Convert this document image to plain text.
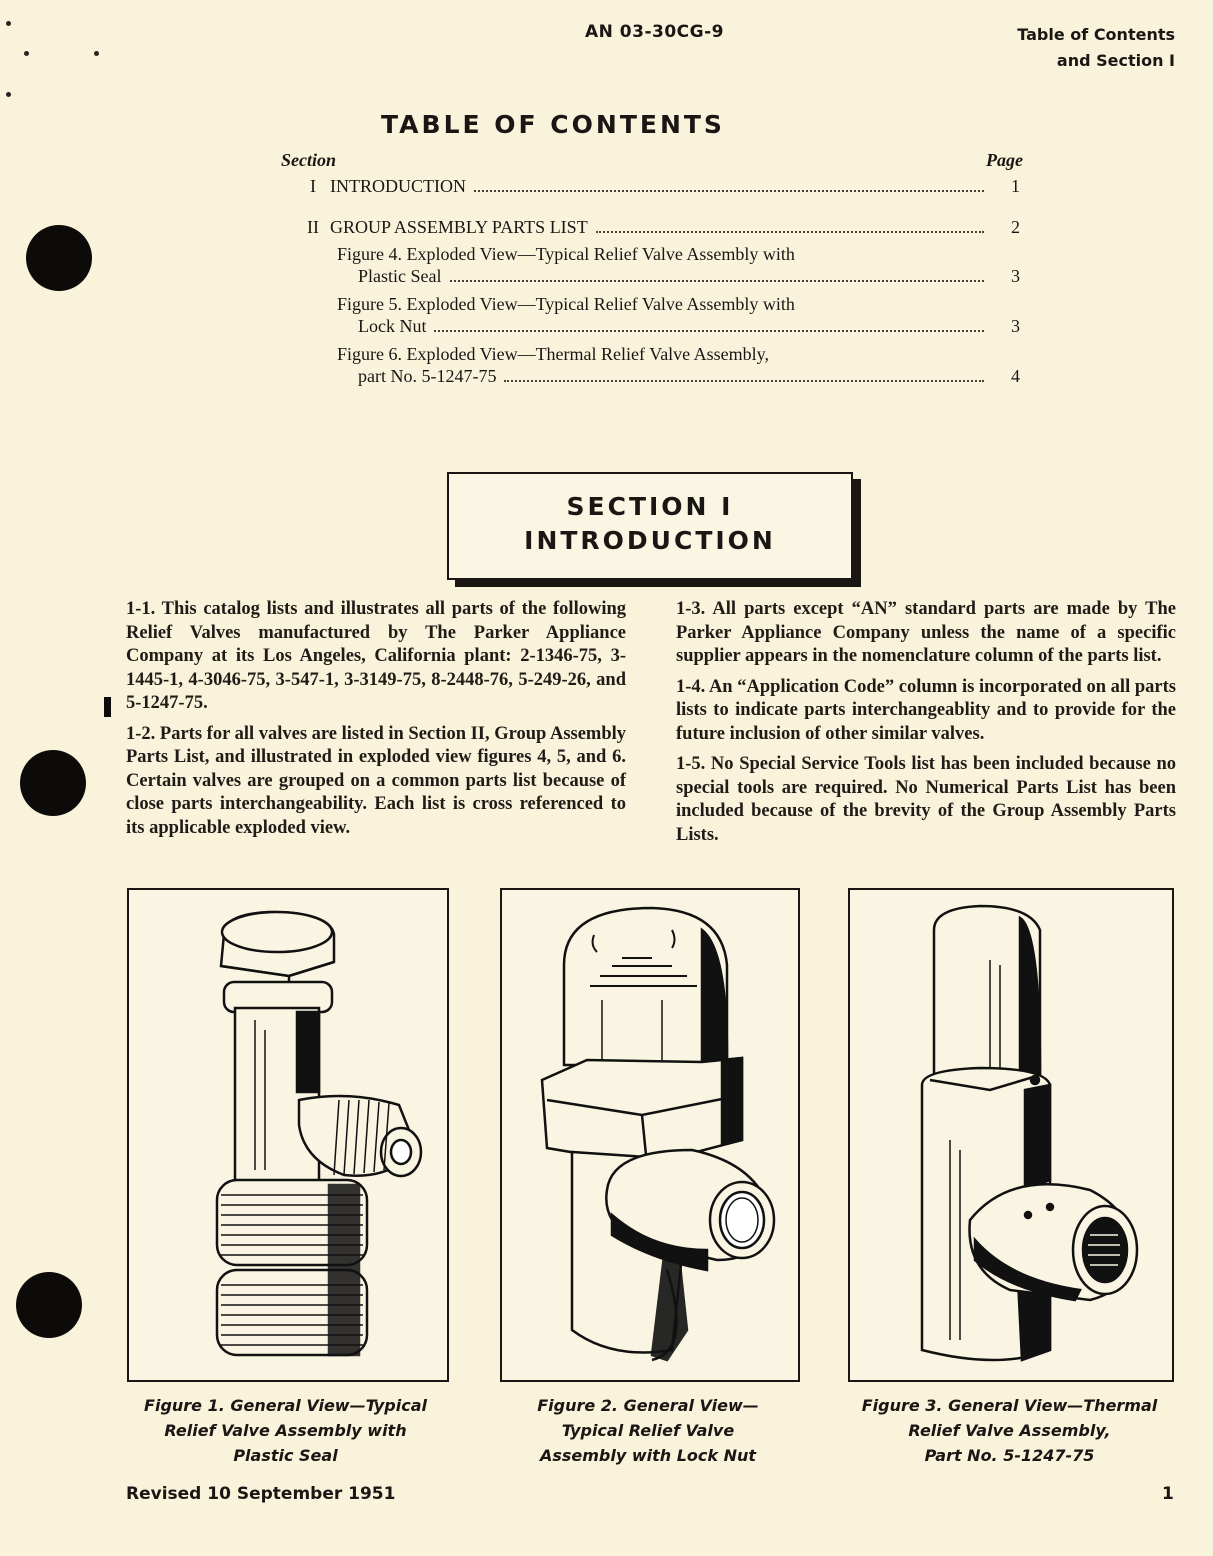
AN 03-30CG-9	Table of Contents
and Section I
TABLE OF CONTENTS
Section	Page
I INTRODUCTION	1
II GROUP ASSEMBLY PARTS LIST	2
Figure 4. Exploded View—Typical Relief Valve Assembly with
Plastic Seal	3
Figure 5. Exploded View—Typical Relief Valve Assembly with
Lock Nut	3
Figure 6. Exploded View—Thermal Relief Valve Assembly,
part No. 5-1247-75	4
SECTION I
INTRODUCTION

1-1. This catalog lists and illustrates all parts of the following Relief Valves manufactured by The Parker Appliance Company at its Los Angeles, California plant: 2-1346-75, 3-1445-1, 4-3046-75, 3-547-1, 3-3149-75, 8-2448-76, 5-249-26, and 5-1247-75.

1-2. Parts for all valves are listed in Section II, Group Assembly Parts List, and illustrated in exploded view figures 4, 5, and 6. Certain valves are grouped on a common parts list because of close parts interchangeability. Each list is cross referenced to its applicable exploded view.

1-3. All parts except “AN” standard parts are made by The Parker Appliance Company unless the name of a specific supplier appears in the nomenclature column of the parts list.

1-4. An “Application Code” column is incorporated on all parts lists to indicate parts interchangeablity and to provide for the future inclusion of other similar valves.

1-5. No Special Service Tools list has been included because no special tools are required. No Numerical Parts List has been included because of the brevity of the Group Assembly Parts Lists.

Figure 1. General View—Typical
Relief Valve Assembly with
Plastic Seal
Figure 2. General View—
Typical Relief Valve
Assembly with Lock Nut
Figure 3. General View—Thermal
Relief Valve Assembly,
Part No. 5-1247-75
Revised 10 September 1951	1
